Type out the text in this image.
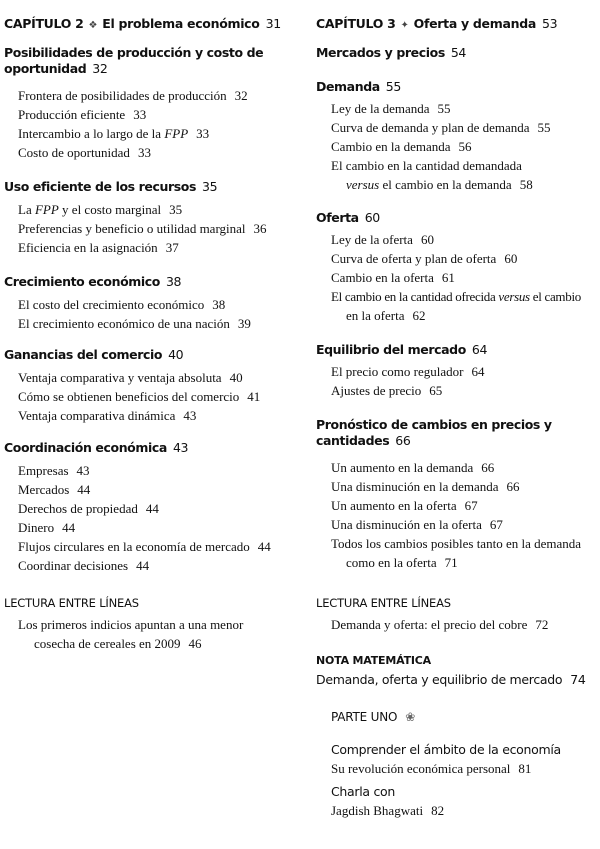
CAPÍTULO 2 ❖ El problema económico 31
Posibilidades de producción y costo de
oportunidad 32
Frontera de posibilidades de producción 32
Producción eficiente 33
Intercambio a lo largo de la FPP 33
Costo de oportunidad 33
Uso eficiente de los recursos 35
La FPP y el costo marginal 35
Preferencias y beneficio o utilidad marginal 36
Eficiencia en la asignación 37
Crecimiento económico 38
El costo del crecimiento económico 38
El crecimiento económico de una nación 39
Ganancias del comercio 40
Ventaja comparativa y ventaja absoluta 40
Cómo se obtienen beneficios del comercio 41
Ventaja comparativa dinámica 43
Coordinación económica 43
Empresas 43
Mercados 44
Derechos de propiedad 44
Dinero 44
Flujos circulares en la economía de mercado 44
Coordinar decisiones 44
LECTURA ENTRE LÍNEAS
Los primeros indicios apuntan a una menor
cosecha de cereales en 2009 46
CAPÍTULO 3 ✦ Oferta y demanda 53
Mercados y precios 54
Demanda 55
Ley de la demanda 55
Curva de demanda y plan de demanda 55
Cambio en la demanda 56
El cambio en la cantidad demandada
versus el cambio en la demanda 58
Oferta 60
Ley de la oferta 60
Curva de oferta y plan de oferta 60
Cambio en la oferta 61
El cambio en la cantidad ofrecida versus el cambio
en la oferta 62
Equilibrio del mercado 64
El precio como regulador 64
Ajustes de precio 65
Pronóstico de cambios en precios y
cantidades 66
Un aumento en la demanda 66
Una disminución en la demanda 66
Un aumento en la oferta 67
Una disminución en la oferta 67
Todos los cambios posibles tanto en la demanda
como en la oferta 71
LECTURA ENTRE LÍNEAS
Demanda y oferta: el precio del cobre 72
NOTA MATEMÁTICA
Demanda, oferta y equilibrio de mercado 74
PARTE UNO ❀
Comprender el ámbito de la economía
Su revolución económica personal 81
Charla con
Jagdish Bhagwati 82
